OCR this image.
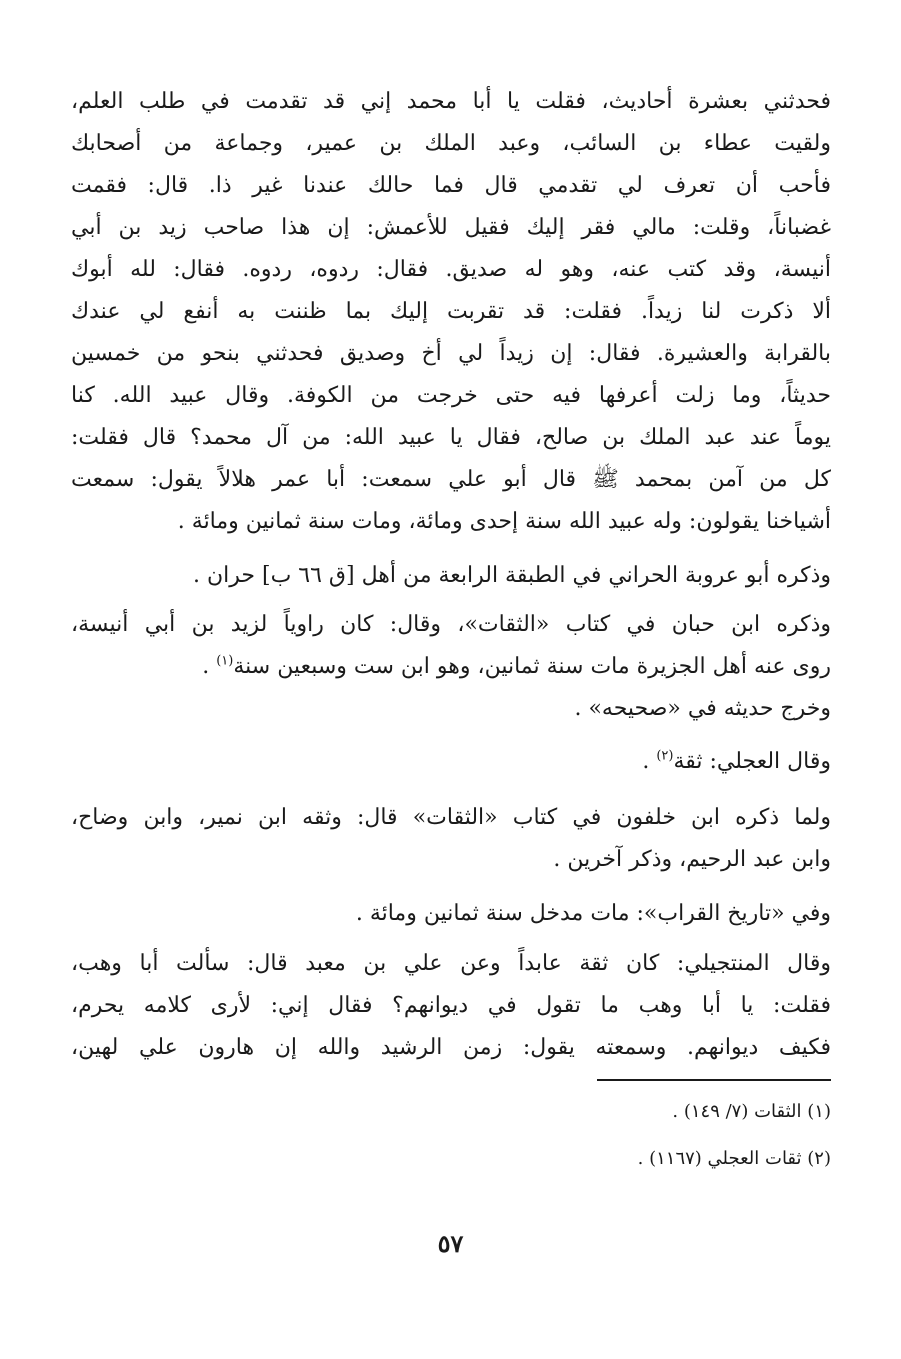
فحدثني بعشرة أحاديث، فقلت يا أبا محمد إني قد تقدمت في طلب العلم،
ولقيت عطاء بن السائب، وعبد الملك بن عمير، وجماعة من أصحابك
فأحب أن تعرف لي تقدمي قال فما حالك عندنا غير ذا. قال: فقمت
غضباناً، وقلت: مالي فقر إليك فقيل للأعمش: إن هذا صاحب زيد بن أبي
أنيسة، وقد كتب عنه، وهو له صديق. فقال: ردوه، ردوه. فقال: لله أبوك
ألا ذكرت لنا زيداً. فقلت: قد تقربت إليك بما ظننت به أنفع لي عندك
بالقرابة والعشيرة. فقال: إن زيداً لي أخ وصديق فحدثني بنحو من خمسين
حديثاً، وما زلت أعرفها فيه حتى خرجت من الكوفة. وقال عبيد الله. كنا
يوماً عند عبد الملك بن صالح، فقال يا عبيد الله: من آل محمد؟ قال فقلت:
كل من آمن بمحمد ﷺ قال أبو علي سمعت: أبا عمر هلالاً يقول: سمعت
أشياخنا يقولون: وله عبيد الله سنة إحدى ومائة، ومات سنة ثمانين ومائة .
وذكره أبو عروبة الحراني في الطبقة الرابعة من أهل [ق ٦٦ ب] حران .
وذكره ابن حبان في كتاب «الثقات»، وقال: كان راوياً لزيد بن أبي أنيسة،
روى عنه أهل الجزيرة مات سنة ثمانين، وهو ابن ست وسبعين سنة$^{(١)}$ .
وخرج حديثه في «صحيحه» .
وقال العجلي: ثقة$^{(٢)}$ .
ولما ذكره ابن خلفون في كتاب «الثقات» قال: وثقه ابن نمير، وابن وضاح،
وابن عبد الرحيم، وذكر آخرين .
وفي «تاريخ القراب»: مات مدخل سنة ثمانين ومائة .
وقال المنتجيلي: كان ثقة عابداً وعن علي بن معبد قال: سألت أبا وهب،
فقلت: يا أبا وهب ما تقول في ديوانهم؟ فقال إني: لأرى كلامه يحرم،
فكيف ديوانهم. وسمعته يقول: زمن الرشيد والله إن هارون علي لهين،
(١) الثقات (٧/ ١٤٩) .
(٢) ثقات العجلي (١١٦٧) .
٥٧
